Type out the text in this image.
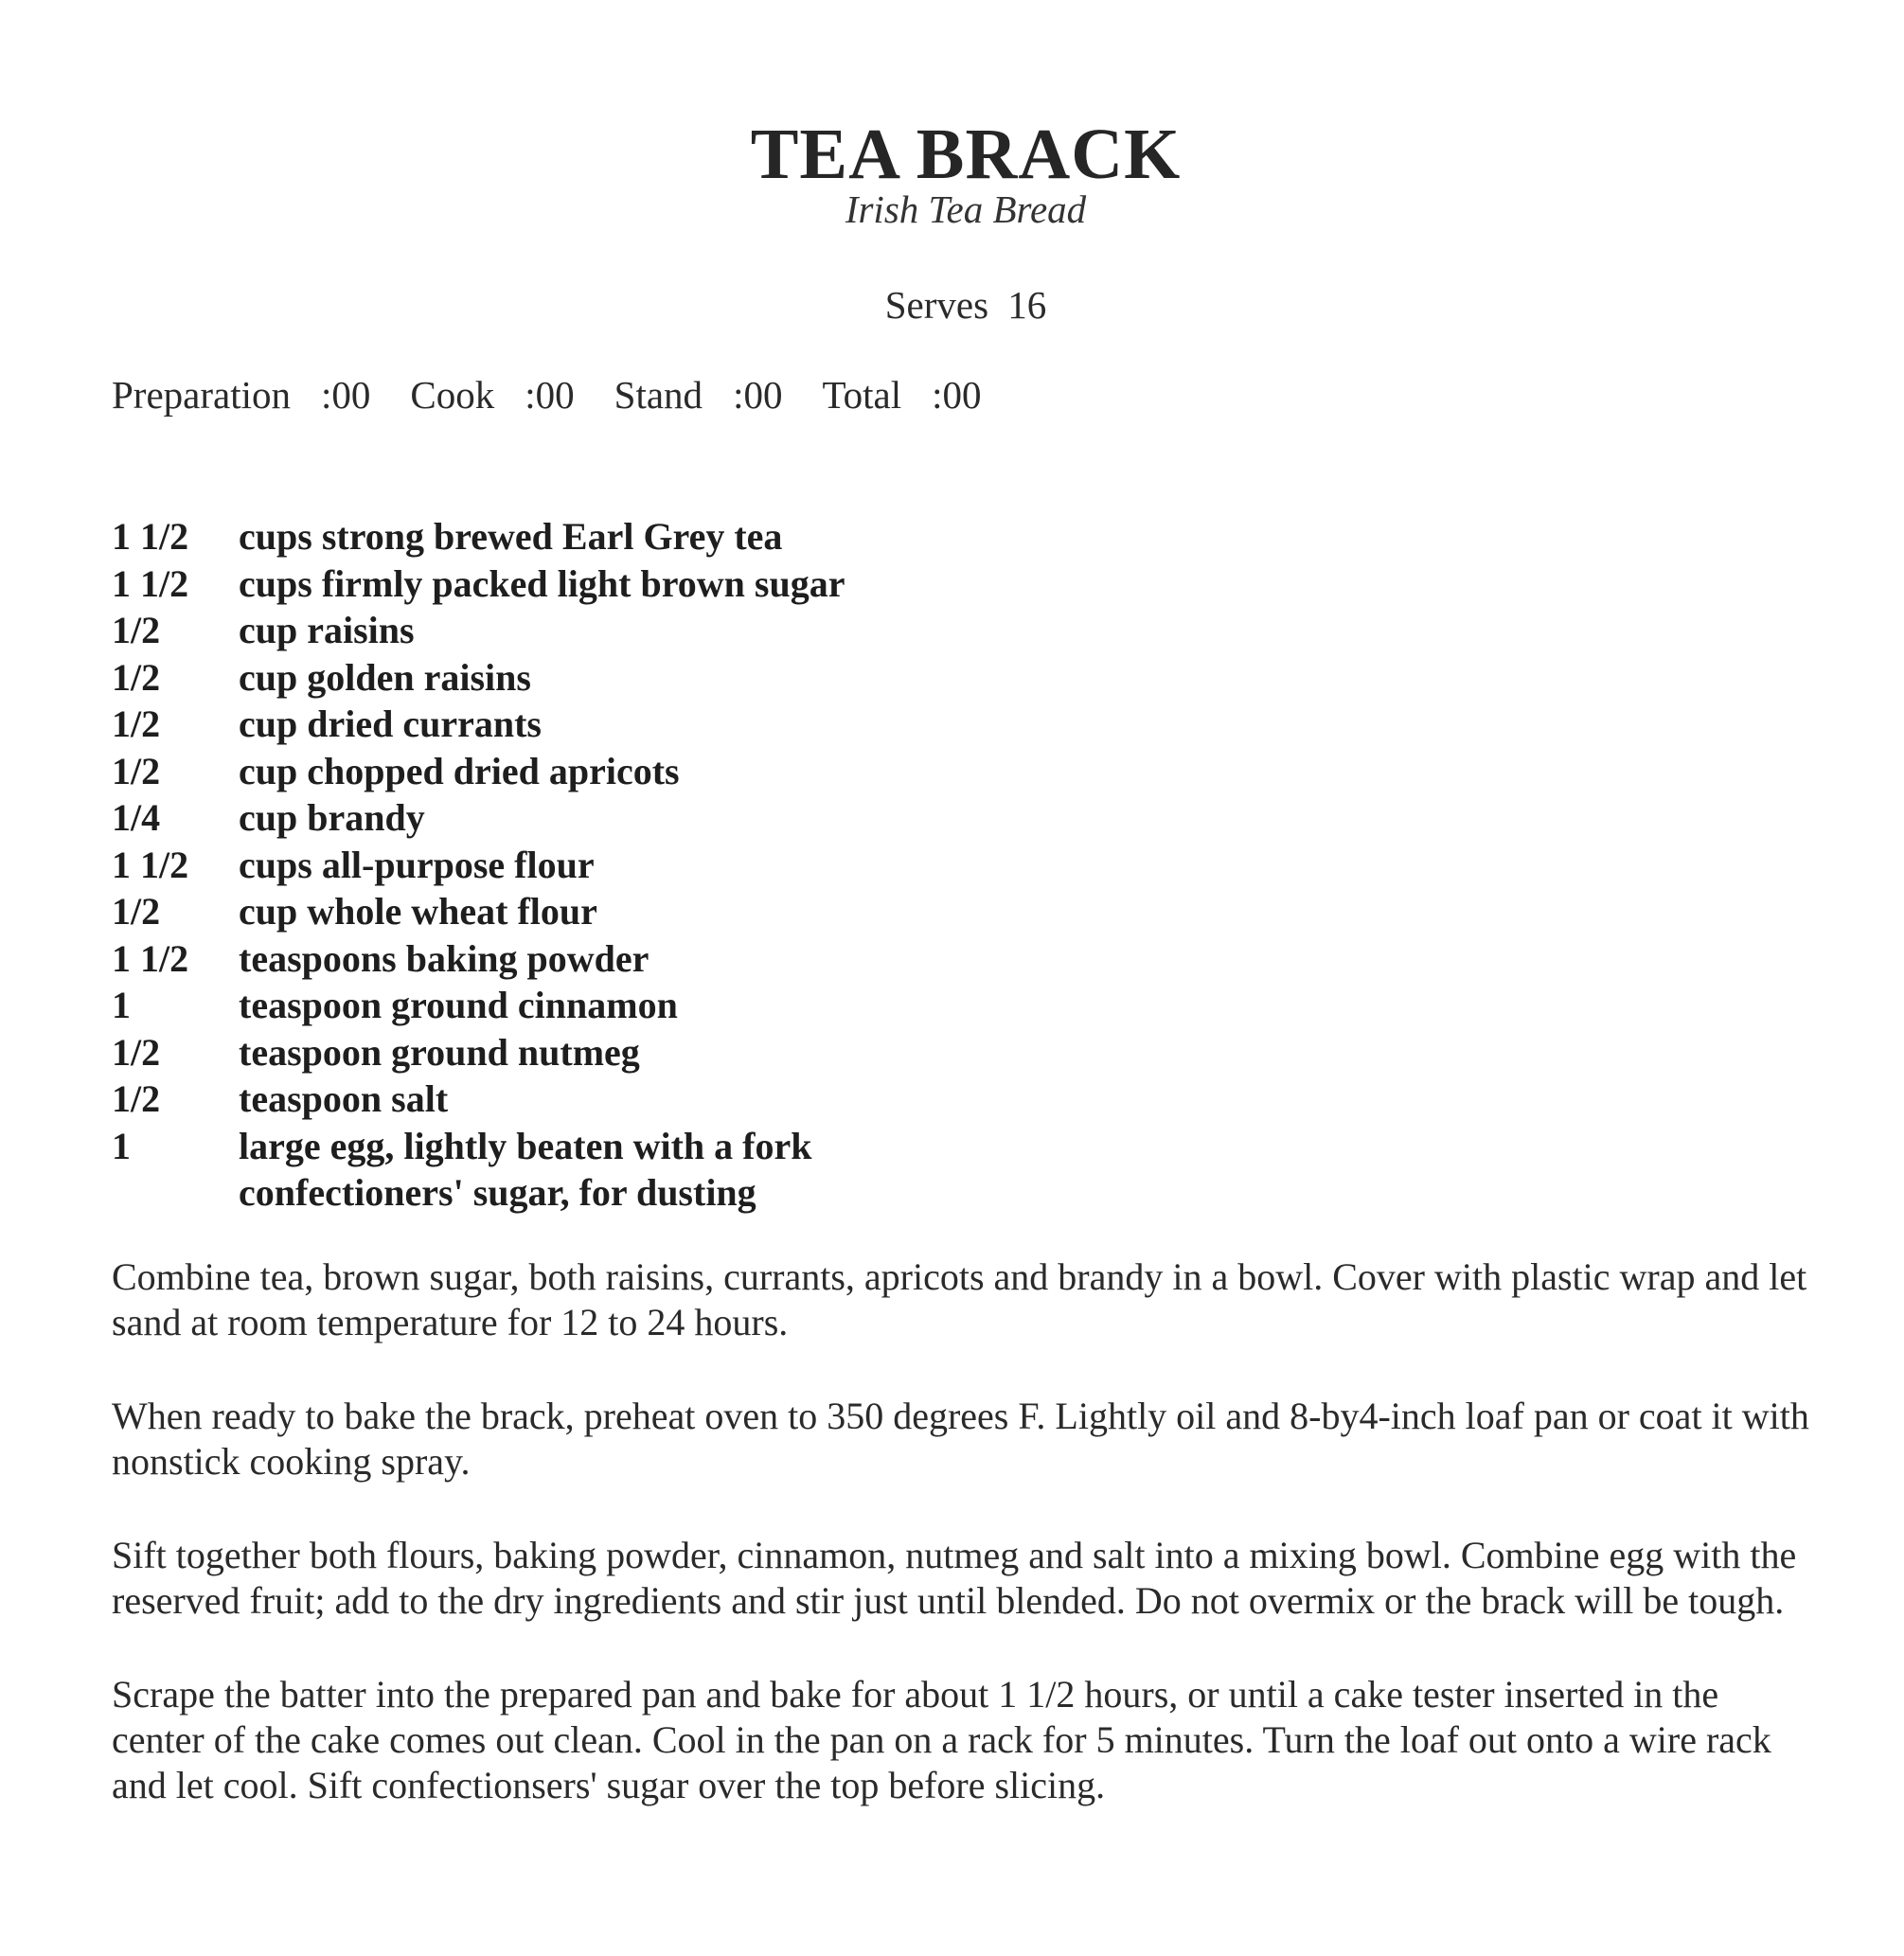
TEA BRACK
Irish Tea Bread
Serves 16
Preparation :00 Cook :00 Stand :00 Total :00
1 1/2	cups strong brewed Earl Grey tea
1 1/2	cups firmly packed light brown sugar
1/2	cup raisins
1/2	cup golden raisins
1/2	cup dried currants
1/2	cup chopped dried apricots
1/4	cup brandy
1 1/2	cups all-purpose flour
1/2	cup whole wheat flour
1 1/2	teaspoons baking powder
1	teaspoon ground cinnamon
1/2	teaspoon ground nutmeg
1/2	teaspoon salt
1	large egg, lightly beaten with a fork
confectioners' sugar, for dusting

Combine tea, brown sugar, both raisins, currants, apricots and brandy in a bowl. Cover with plastic wrap and let sand at room temperature for 12 to 24 hours.

When ready to bake the brack, preheat oven to 350 degrees F. Lightly oil and 8-by4-inch loaf pan or coat it with nonstick cooking spray.

Sift together both flours, baking powder, cinnamon, nutmeg and salt into a mixing bowl. Combine egg with the reserved fruit; add to the dry ingredients and stir just until blended. Do not overmix or the brack will be tough.

Scrape the batter into the prepared pan and bake for about 1 1/2 hours, or until a cake tester inserted in the center of the cake comes out clean. Cool in the pan on a rack for 5 minutes. Turn the loaf out onto a wire rack and let cool. Sift confectionsers' sugar over the top before slicing.
